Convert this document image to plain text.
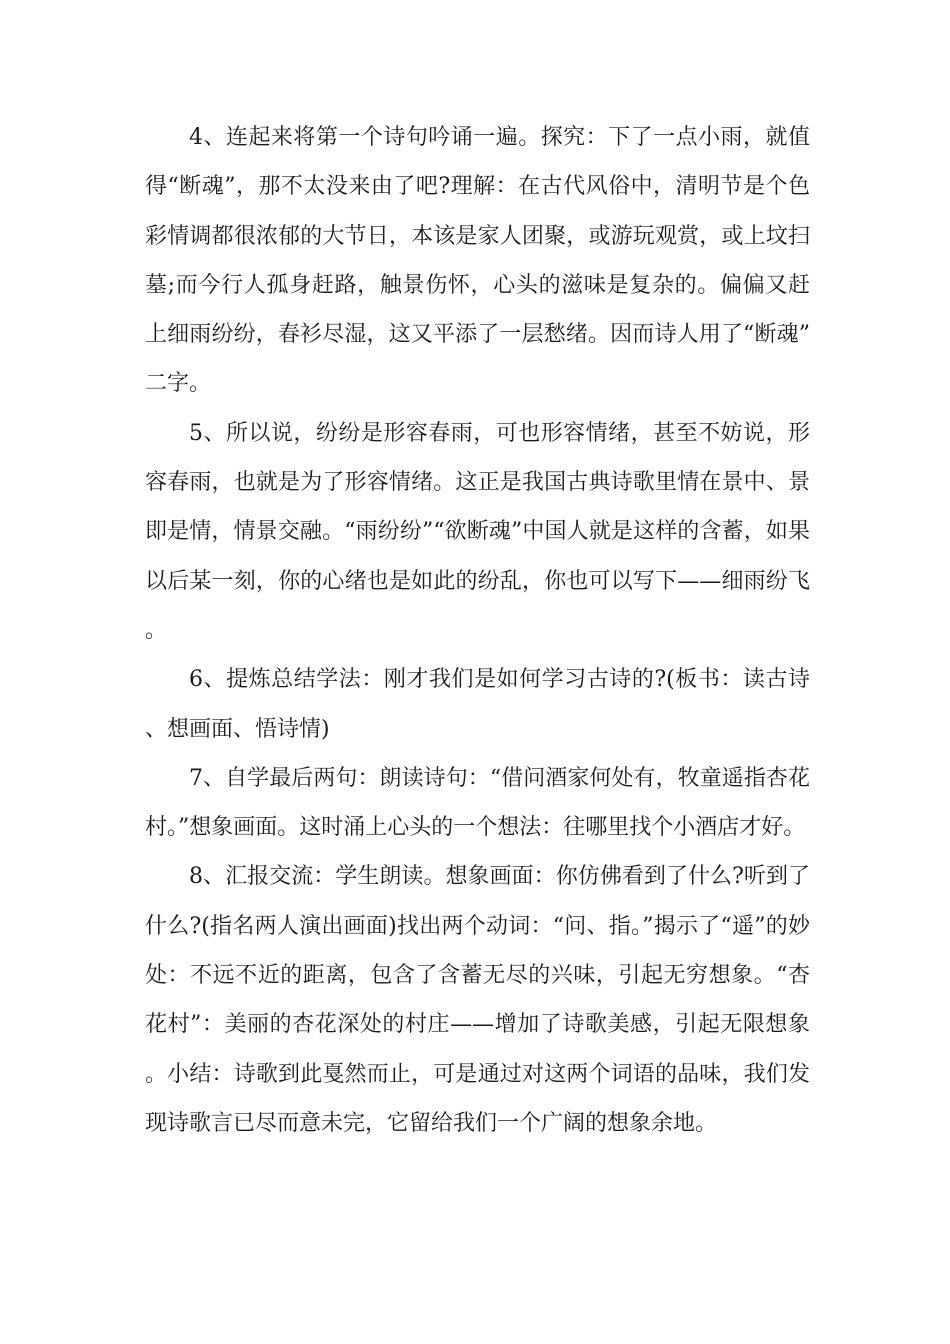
4、连起来将第一个诗句吟诵一遍。探究：下了一点小雨，就值得“断魂”，那不太没来由了吧?理解：在古代风俗中，清明节是个色彩情调都很浓郁的大节日，本该是家人团聚，或游玩观赏，或上坟扫墓;而今行人孤身赶路，触景伤怀，心头的滋味是复杂的。偏偏又赶上细雨纷纷，春衫尽湿，这又平添了一层愁绪。因而诗人用了“断魂”二字。

5、所以说，纷纷是形容春雨，可也形容情绪，甚至不妨说，形容春雨，也就是为了形容情绪。这正是我国古典诗歌里情在景中、景即是情，情景交融。“雨纷纷”“欲断魂”中国人就是这样的含蓄，如果以后某一刻，你的心绪也是如此的纷乱，你也可以写下——细雨纷飞。

6、提炼总结学法：刚才我们是如何学习古诗的?(板书：读古诗、想画面、悟诗情)

7、自学最后两句：朗读诗句：“借问酒家何处有，牧童遥指杏花村。”想象画面。这时涌上心头的一个想法：往哪里找个小酒店才好。

8、汇报交流：学生朗读。想象画面：你仿佛看到了什么?听到了什么?(指名两人演出画面)找出两个动词：“问、指。”揭示了“遥”的妙处：不远不近的距离，包含了含蓄无尽的兴味，引起无穷想象。“杏花村”：美丽的杏花深处的村庄——增加了诗歌美感，引起无限想象。小结：诗歌到此戛然而止，可是通过对这两个词语的品味，我们发现诗歌言已尽而意未完，它留给我们一个广阔的想象余地。
